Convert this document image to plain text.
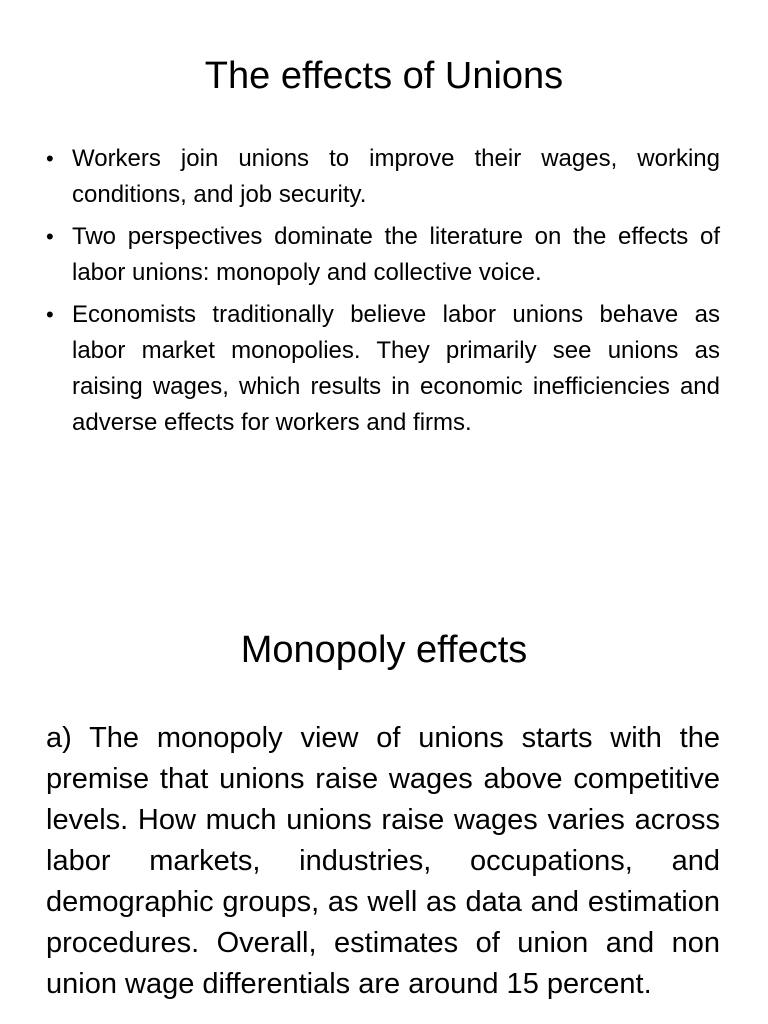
The effects of Unions
• Workers join unions to improve their wages, working conditions, and job security.
• Two perspectives dominate the literature on the effects of labor unions: monopoly and collective voice.
• Economists traditionally believe labor unions behave as labor market monopolies. They primarily see unions as raising wages, which results in economic inefficiencies and adverse effects for workers and firms.
Monopoly effects

a) The monopoly view of unions starts with the premise that unions raise wages above competitive levels. How much unions raise wages varies across labor markets, industries, occupations, and demographic groups, as well as data and estimation procedures. Overall, estimates of union and non union wage differentials are around 15 percent.
